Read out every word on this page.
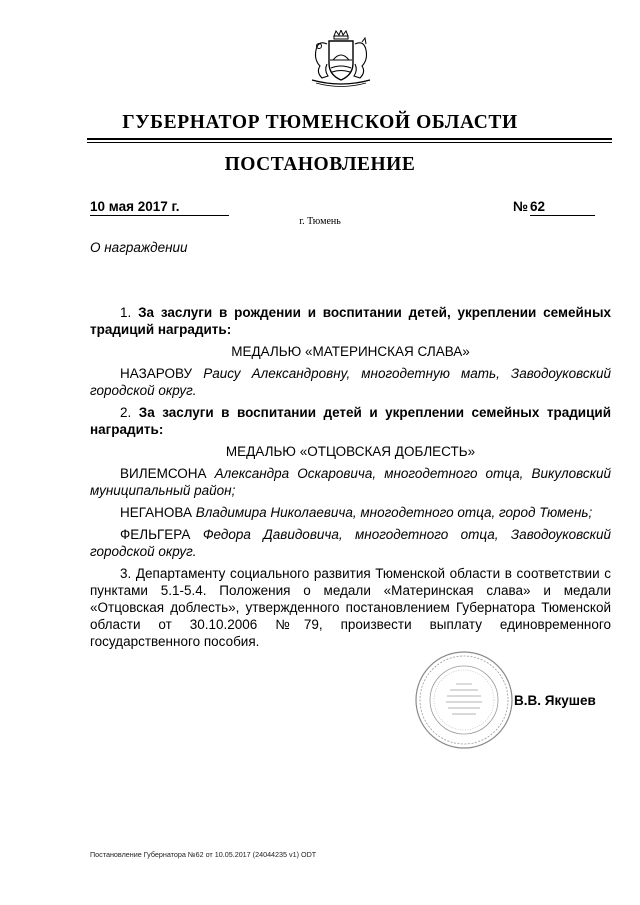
ГУБЕРНАТОР ТЮМЕНСКОЙ ОБЛАСТИ
ПОСТАНОВЛЕНИЕ
10 мая 2017 г.
г. Тюмень
№ 62
О награждении

1. За заслуги в рождении и воспитании детей, укреплении семейных традиций наградить:

МЕДАЛЬЮ «МАТЕРИНСКАЯ СЛАВА»

НАЗАРОВУ Раису Александровну, многодетную мать, Заводоуковский городской округ.

2. За заслуги в воспитании детей и укреплении семейных традиций наградить:

МЕДАЛЬЮ «ОТЦОВСКАЯ ДОБЛЕСТЬ»

ВИЛЕМСОНА Александра Оскаровича, многодетного отца, Викуловский муниципальный район;

НЕГАНОВА Владимира Николаевича, многодетного отца, город Тюмень;

ФЕЛЬГЕРА Федора Давидовича, многодетного отца, Заводоуковский городской округ.

3. Департаменту социального развития Тюменской области в соответствии с пунктами 5.1-5.4. Положения о медали «Материнская слава» и медали «Отцовская доблесть», утвержденного постановлением Губернатора Тюменской области от 30.10.2006 №79, произвести выплату единовременного государственного пособия.

В.В. Якушев
Постановление Губернатора №62 от 10.05.2017 (24044235 v1) ODT
